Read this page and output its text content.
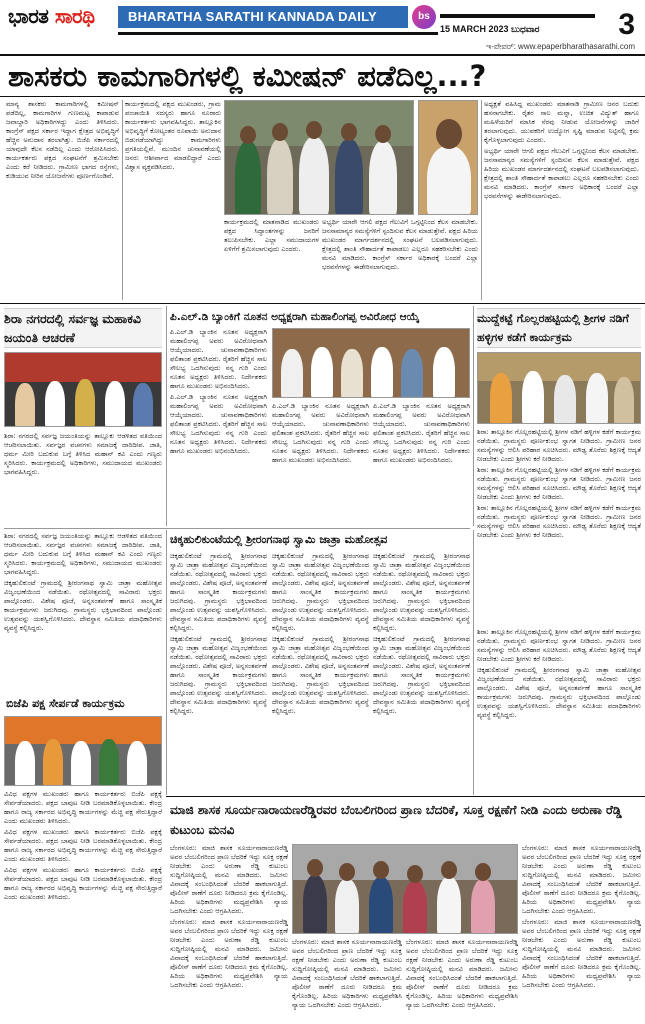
ಭಾರತ ಸಾರಥಿ	BHARATHA SARATHI KANNADA DAILY	bs
15 MARCH 2023 ಬುಧವಾರ	3
ಇ-ಪೇಪರ್: www.epaperbharathasarathi.com
ಶಾಸಕರು ಕಾಮಗಾರಿಗಳಲ್ಲಿ ಕಮೀಷನ್ ಪಡೆದಿಲ್ಲ...?

ಮಾನ್ಯ ಶಾಸಕರು ಕಾಮಗಾರಿಗಳಲ್ಲಿ ಕಮೀಷನ್ ಪಡೆದಿಲ್ಲ, ಕಾಮಗಾರಿಗಳ ಗುಣಮಟ್ಟ ಕಾಪಾಡುವ ಜವಾಬ್ದಾರಿ ಅಧಿಕಾರಿಗಳದ್ದು ಎಂದು ತಿಳಿಸಿದರು. ಕಾಂಗ್ರೆಸ್ ಪಕ್ಷದ ಸರ್ಕಾರ ಇದ್ದಾಗ ಕ್ಷೇತ್ರದ ಅಭಿವೃದ್ಧಿಗೆ ಹೆಚ್ಚಿನ ಅನುದಾನ ತರಲಾಗಿತ್ತು. ಬಿಜೆಪಿ ಸರ್ಕಾರದಲ್ಲಿ ಯಾವುದೇ ಕೆಲಸ ನಡೆದಿಲ್ಲ ಎಂದು ಆರೋಪಿಸಿದರು. ಕಾರ್ಯಕರ್ತರು ಪಕ್ಷದ ಸಂಘಟನೆಗೆ ಶ್ರಮಿಸಬೇಕು ಎಂದು ಕರೆ ನೀಡಿದರು. ಗ್ರಾಮೀಣ ಭಾಗದ ರಸ್ತೆಗಳು, ಕುಡಿಯುವ ನೀರಿನ ಯೋಜನೆಗಳು ಪೂರ್ಣಗೊಂಡಿವೆ.

ಕಾರ್ಯಕ್ರಮದಲ್ಲಿ ಪಕ್ಷದ ಮುಖಂಡರು, ಗ್ರಾಮ ಪಂಚಾಯಿತಿ ಸದಸ್ಯರು ಹಾಗೂ ನೂರಾರು ಕಾರ್ಯಕರ್ತರು ಭಾಗವಹಿಸಿದ್ದರು. ತಾಲ್ಲೂಕಿನ ಅಭಿವೃದ್ಧಿಗೆ ಕೋಟ್ಯಂತರ ರೂಪಾಯಿ ಅನುದಾನ ಬಿಡುಗಡೆಯಾಗಿದ್ದು ಕಾಮಗಾರಿಗಳು ಪ್ರಗತಿಯಲ್ಲಿವೆ. ಮುಂದಿನ ಚುನಾವಣೆಯಲ್ಲಿ ಜನರು ಆಶೀರ್ವಾದ ಮಾಡಲಿದ್ದಾರೆ ಎಂದು ವಿಶ್ವಾಸ ವ್ಯಕ್ತಪಡಿಸಿದರು.

ಕಾರ್ಯಕ್ರಮದಲ್ಲಿ ಮಾತನಾಡಿದ ಮುಖಂಡರು ಪಕ್ಷದ ಸಿದ್ಧಾಂತಗಳನ್ನು ಜನರಿಗೆ ತಲುಪಿಸಬೇಕು. ಎಲ್ಲಾ ಸಮುದಾಯಗಳ ಏಳಿಗೆಗೆ ಶ್ರಮಿಸಲಾಗುವುದು ಎಂದರು.

ಅಭ್ಯರ್ಥಿ ಯಾರೇ ಆಗಲಿ ಪಕ್ಷದ ಗೆಲುವಿಗೆ ಒಗ್ಗಟ್ಟಿನಿಂದ ಕೆಲಸ ಮಾಡಬೇಕು. ಜನಸಾಮಾನ್ಯರ ಸಮಸ್ಯೆಗಳಿಗೆ ಸ್ಪಂದಿಸುವ ಕೆಲಸ ಮಾಡುತ್ತೇವೆ. ಪಕ್ಷದ ಹಿರಿಯ ಮುಖಂಡರ ಮಾರ್ಗದರ್ಶನದಲ್ಲಿ ಸಂಘಟನೆ ಬಲಪಡಿಸಲಾಗುವುದು. ಕ್ಷೇತ್ರದಲ್ಲಿ ಶಾಂತಿ ಸೌಹಾರ್ದತೆ ಕಾಪಾಡಲು ಎಲ್ಲರೂ ಸಹಕರಿಸಬೇಕು ಎಂದು ಮನವಿ ಮಾಡಿದರು. ಕಾಂಗ್ರೆಸ್ ಸರ್ಕಾರ ಅಧಿಕಾರಕ್ಕೆ ಬಂದರೆ ಎಲ್ಲಾ ಭರವಸೆಗಳನ್ನು ಈಡೇರಿಸಲಾಗುವುದು.

ಅಧ್ಯಕ್ಷತೆ ವಹಿಸಿದ್ದ ಮುಖಂಡರು ಮಾತನಾಡಿ ಗ್ರಾಮೀಣ ಜನರ ಬದುಕು ಹಸನಾಗಬೇಕು. ರೈತರ ಸಾಲ ಮನ್ನಾ, ಉಚಿತ ವಿದ್ಯುತ್ ಹಾಗೂ ಮಹಿಳೆಯರಿಗೆ ಮಾಸಿಕ ನೆರವು ನೀಡುವ ಯೋಜನೆಗಳನ್ನು ಜಾರಿಗೆ ತರಲಾಗುವುದು. ಯುವಕರಿಗೆ ಉದ್ಯೋಗ ಸೃಷ್ಟಿ ಮಾಡುವ ನಿಟ್ಟಿನಲ್ಲಿ ಕ್ರಮ ಕೈಗೊಳ್ಳಲಾಗುವುದು ಎಂದರು.

ಅಭ್ಯರ್ಥಿ ಯಾರೇ ಆಗಲಿ ಪಕ್ಷದ ಗೆಲುವಿಗೆ ಒಗ್ಗಟ್ಟಿನಿಂದ ಕೆಲಸ ಮಾಡಬೇಕು. ಜನಸಾಮಾನ್ಯರ ಸಮಸ್ಯೆಗಳಿಗೆ ಸ್ಪಂದಿಸುವ ಕೆಲಸ ಮಾಡುತ್ತೇವೆ. ಪಕ್ಷದ ಹಿರಿಯ ಮುಖಂಡರ ಮಾರ್ಗದರ್ಶನದಲ್ಲಿ ಸಂಘಟನೆ ಬಲಪಡಿಸಲಾಗುವುದು. ಕ್ಷೇತ್ರದಲ್ಲಿ ಶಾಂತಿ ಸೌಹಾರ್ದತೆ ಕಾಪಾಡಲು ಎಲ್ಲರೂ ಸಹಕರಿಸಬೇಕು ಎಂದು ಮನವಿ ಮಾಡಿದರು. ಕಾಂಗ್ರೆಸ್ ಸರ್ಕಾರ ಅಧಿಕಾರಕ್ಕೆ ಬಂದರೆ ಎಲ್ಲಾ ಭರವಸೆಗಳನ್ನು ಈಡೇರಿಸಲಾಗುವುದು.

ಶಿರಾ ನಗರದಲ್ಲಿ ಸರ್ವಜ್ಞ ಮಹಾಕವಿ ಜಯಂತಿ ಆಚರಣೆ

ಶಿರಾ: ನಗರದಲ್ಲಿ ಸರ್ವಜ್ಞ ಜಯಂತಿಯನ್ನು ತಾಲ್ಲೂಕು ಆಡಳಿತದ ವತಿಯಿಂದ ಆಚರಿಸಲಾಯಿತು. ಸರ್ವಜ್ಞರ ವಚನಗಳು ಸಮಾಜಕ್ಕೆ ದಾರಿದೀಪ. ಜಾತಿ, ಧರ್ಮ ಮೀರಿ ಬದುಕುವ ಬಗ್ಗೆ ತಿಳಿಸಿದ ಮಹಾನ್ ಕವಿ ಎಂದು ಗಣ್ಯರು ಸ್ಮರಿಸಿದರು. ಕಾರ್ಯಕ್ರಮದಲ್ಲಿ ಅಧಿಕಾರಿಗಳು, ಸಮುದಾಯದ ಮುಖಂಡರು ಭಾಗವಹಿಸಿದ್ದರು.

ಪಿ.ಎಲ್.ಡಿ ಬ್ಯಾಂಕಿಗೆ ನೂತನ ಅಧ್ಯಕ್ಷರಾಗಿ ಮಹಾಲಿಂಗಪ್ಪ ಅವಿರೋಧ ಆಯ್ಕೆ

ಪಿ.ಎಲ್.ಡಿ ಬ್ಯಾಂಕಿನ ನೂತನ ಅಧ್ಯಕ್ಷರಾಗಿ ಮಹಾಲಿಂಗಪ್ಪ ಅವರು ಅವಿರೋಧವಾಗಿ ಆಯ್ಕೆಯಾದರು. ಚುನಾವಣಾಧಿಕಾರಿಗಳು ಫಲಿತಾಂಶ ಪ್ರಕಟಿಸಿದರು. ರೈತರಿಗೆ ಹೆಚ್ಚಿನ ಸಾಲ ಸೌಲಭ್ಯ ಒದಗಿಸುವುದು ನನ್ನ ಗುರಿ ಎಂದು ನೂತನ ಅಧ್ಯಕ್ಷರು ತಿಳಿಸಿದರು. ನಿರ್ದೇಶಕರು ಹಾಗೂ ಮುಖಂಡರು ಅಭಿನಂದಿಸಿದರು.

ಪಿ.ಎಲ್.ಡಿ ಬ್ಯಾಂಕಿನ ನೂತನ ಅಧ್ಯಕ್ಷರಾಗಿ ಮಹಾಲಿಂಗಪ್ಪ ಅವರು ಅವಿರೋಧವಾಗಿ ಆಯ್ಕೆಯಾದರು. ಚುನಾವಣಾಧಿಕಾರಿಗಳು ಫಲಿತಾಂಶ ಪ್ರಕಟಿಸಿದರು. ರೈತರಿಗೆ ಹೆಚ್ಚಿನ ಸಾಲ ಸೌಲಭ್ಯ ಒದಗಿಸುವುದು ನನ್ನ ಗುರಿ ಎಂದು ನೂತನ ಅಧ್ಯಕ್ಷರು ತಿಳಿಸಿದರು. ನಿರ್ದೇಶಕರು ಹಾಗೂ ಮುಖಂಡರು ಅಭಿನಂದಿಸಿದರು.

ಪಿ.ಎಲ್.ಡಿ ಬ್ಯಾಂಕಿನ ನೂತನ ಅಧ್ಯಕ್ಷರಾಗಿ ಮಹಾಲಿಂಗಪ್ಪ ಅವರು ಅವಿರೋಧವಾಗಿ ಆಯ್ಕೆಯಾದರು. ಚುನಾವಣಾಧಿಕಾರಿಗಳು ಫಲಿತಾಂಶ ಪ್ರಕಟಿಸಿದರು. ರೈತರಿಗೆ ಹೆಚ್ಚಿನ ಸಾಲ ಸೌಲಭ್ಯ ಒದಗಿಸುವುದು ನನ್ನ ಗುರಿ ಎಂದು ನೂತನ ಅಧ್ಯಕ್ಷರು ತಿಳಿಸಿದರು. ನಿರ್ದೇಶಕರು ಹಾಗೂ ಮುಖಂಡರು ಅಭಿನಂದಿಸಿದರು.

ಪಿ.ಎಲ್.ಡಿ ಬ್ಯಾಂಕಿನ ನೂತನ ಅಧ್ಯಕ್ಷರಾಗಿ ಮಹಾಲಿಂಗಪ್ಪ ಅವರು ಅವಿರೋಧವಾಗಿ ಆಯ್ಕೆಯಾದರು. ಚುನಾವಣಾಧಿಕಾರಿಗಳು ಫಲಿತಾಂಶ ಪ್ರಕಟಿಸಿದರು. ರೈತರಿಗೆ ಹೆಚ್ಚಿನ ಸಾಲ ಸೌಲಭ್ಯ ಒದಗಿಸುವುದು ನನ್ನ ಗುರಿ ಎಂದು ನೂತನ ಅಧ್ಯಕ್ಷರು ತಿಳಿಸಿದರು. ನಿರ್ದೇಶಕರು ಹಾಗೂ ಮುಖಂಡರು ಅಭಿನಂದಿಸಿದರು.

ಮುದ್ದೆಕಟ್ಟೆ ಗೊಲ್ಲರಹಟ್ಟಿಯಲ್ಲಿ ಶ್ರೀಗಳ ನಡಿಗೆ ಹಳ್ಳಿಗಳ ಕಡೆಗೆ ಕಾರ್ಯಕ್ರಮ

ಶಿರಾ: ತಾಲ್ಲೂಕಿನ ಗೊಲ್ಲರಹಟ್ಟಿಯಲ್ಲಿ ಶ್ರೀಗಳ ನಡಿಗೆ ಹಳ್ಳಿಗಳ ಕಡೆಗೆ ಕಾರ್ಯಕ್ರಮ ನಡೆಯಿತು. ಗ್ರಾಮಸ್ಥರು ಪೂರ್ಣಕುಂಭ ಸ್ವಾಗತ ನೀಡಿದರು. ಗ್ರಾಮೀಣ ಜನರ ಸಮಸ್ಯೆಗಳನ್ನು ಆಲಿಸಿ ಪರಿಹಾರ ಸೂಚಿಸಿದರು. ಮೌಢ್ಯ ತೊರೆದು ಶಿಕ್ಷಣಕ್ಕೆ ಆದ್ಯತೆ ನೀಡಬೇಕು ಎಂದು ಶ್ರೀಗಳು ಕರೆ ನೀಡಿದರು.

ಶಿರಾ: ತಾಲ್ಲೂಕಿನ ಗೊಲ್ಲರಹಟ್ಟಿಯಲ್ಲಿ ಶ್ರೀಗಳ ನಡಿಗೆ ಹಳ್ಳಿಗಳ ಕಡೆಗೆ ಕಾರ್ಯಕ್ರಮ ನಡೆಯಿತು. ಗ್ರಾಮಸ್ಥರು ಪೂರ್ಣಕುಂಭ ಸ್ವಾಗತ ನೀಡಿದರು. ಗ್ರಾಮೀಣ ಜನರ ಸಮಸ್ಯೆಗಳನ್ನು ಆಲಿಸಿ ಪರಿಹಾರ ಸೂಚಿಸಿದರು. ಮೌಢ್ಯ ತೊರೆದು ಶಿಕ್ಷಣಕ್ಕೆ ಆದ್ಯತೆ ನೀಡಬೇಕು ಎಂದು ಶ್ರೀಗಳು ಕರೆ ನೀಡಿದರು.

ಶಿರಾ: ತಾಲ್ಲೂಕಿನ ಗೊಲ್ಲರಹಟ್ಟಿಯಲ್ಲಿ ಶ್ರೀಗಳ ನಡಿಗೆ ಹಳ್ಳಿಗಳ ಕಡೆಗೆ ಕಾರ್ಯಕ್ರಮ ನಡೆಯಿತು. ಗ್ರಾಮಸ್ಥರು ಪೂರ್ಣಕುಂಭ ಸ್ವಾಗತ ನೀಡಿದರು. ಗ್ರಾಮೀಣ ಜನರ ಸಮಸ್ಯೆಗಳನ್ನು ಆಲಿಸಿ ಪರಿಹಾರ ಸೂಚಿಸಿದರು. ಮೌಢ್ಯ ತೊರೆದು ಶಿಕ್ಷಣಕ್ಕೆ ಆದ್ಯತೆ ನೀಡಬೇಕು ಎಂದು ಶ್ರೀಗಳು ಕರೆ ನೀಡಿದರು.

ಚಿಕ್ಕಹುಲಿಕುಂಟೆಯಲ್ಲಿ ಶ್ರೀರಂಗನಾಥ ಸ್ವಾಮಿ ಜಾತ್ರಾ ಮಹೋತ್ಸವ

ಚಿಕ್ಕಹುಲಿಕುಂಟೆ ಗ್ರಾಮದಲ್ಲಿ ಶ್ರೀರಂಗನಾಥ ಸ್ವಾಮಿ ಜಾತ್ರಾ ಮಹೋತ್ಸವ ವಿಜೃಂಭಣೆಯಿಂದ ನಡೆಯಿತು. ರಥೋತ್ಸವದಲ್ಲಿ ಸಾವಿರಾರು ಭಕ್ತರು ಪಾಲ್ಗೊಂಡರು. ವಿಶೇಷ ಪೂಜೆ, ಅನ್ನಸಂತರ್ಪಣೆ ಹಾಗೂ ಸಾಂಸ್ಕೃತಿಕ ಕಾರ್ಯಕ್ರಮಗಳು ಜರುಗಿದವು. ಗ್ರಾಮಸ್ಥರು ಭಕ್ತಿಭಾವದಿಂದ ಪಾಲ್ಗೊಂಡು ಉತ್ಸವವನ್ನು ಯಶಸ್ವಿಗೊಳಿಸಿದರು. ದೇವಸ್ಥಾನ ಸಮಿತಿಯ ಪದಾಧಿಕಾರಿಗಳು ವ್ಯವಸ್ಥೆ ಕಲ್ಪಿಸಿದ್ದರು.

ಚಿಕ್ಕಹುಲಿಕುಂಟೆ ಗ್ರಾಮದಲ್ಲಿ ಶ್ರೀರಂಗನಾಥ ಸ್ವಾಮಿ ಜಾತ್ರಾ ಮಹೋತ್ಸವ ವಿಜೃಂಭಣೆಯಿಂದ ನಡೆಯಿತು. ರಥೋತ್ಸವದಲ್ಲಿ ಸಾವಿರಾರು ಭಕ್ತರು ಪಾಲ್ಗೊಂಡರು. ವಿಶೇಷ ಪೂಜೆ, ಅನ್ನಸಂತರ್ಪಣೆ ಹಾಗೂ ಸಾಂಸ್ಕೃತಿಕ ಕಾರ್ಯಕ್ರಮಗಳು ಜರುಗಿದವು. ಗ್ರಾಮಸ್ಥರು ಭಕ್ತಿಭಾವದಿಂದ ಪಾಲ್ಗೊಂಡು ಉತ್ಸವವನ್ನು ಯಶಸ್ವಿಗೊಳಿಸಿದರು. ದೇವಸ್ಥಾನ ಸಮಿತಿಯ ಪದಾಧಿಕಾರಿಗಳು ವ್ಯವಸ್ಥೆ ಕಲ್ಪಿಸಿದ್ದರು.

ಚಿಕ್ಕಹುಲಿಕುಂಟೆ ಗ್ರಾಮದಲ್ಲಿ ಶ್ರೀರಂಗನಾಥ ಸ್ವಾಮಿ ಜಾತ್ರಾ ಮಹೋತ್ಸವ ವಿಜೃಂಭಣೆಯಿಂದ ನಡೆಯಿತು. ರಥೋತ್ಸವದಲ್ಲಿ ಸಾವಿರಾರು ಭಕ್ತರು ಪಾಲ್ಗೊಂಡರು. ವಿಶೇಷ ಪೂಜೆ, ಅನ್ನಸಂತರ್ಪಣೆ ಹಾಗೂ ಸಾಂಸ್ಕೃತಿಕ ಕಾರ್ಯಕ್ರಮಗಳು ಜರುಗಿದವು. ಗ್ರಾಮಸ್ಥರು ಭಕ್ತಿಭಾವದಿಂದ ಪಾಲ್ಗೊಂಡು ಉತ್ಸವವನ್ನು ಯಶಸ್ವಿಗೊಳಿಸಿದರು. ದೇವಸ್ಥಾನ ಸಮಿತಿಯ ಪದಾಧಿಕಾರಿಗಳು ವ್ಯವಸ್ಥೆ ಕಲ್ಪಿಸಿದ್ದರು.

ಚಿಕ್ಕಹುಲಿಕುಂಟೆ ಗ್ರಾಮದಲ್ಲಿ ಶ್ರೀರಂಗನಾಥ ಸ್ವಾಮಿ ಜಾತ್ರಾ ಮಹೋತ್ಸವ ವಿಜೃಂಭಣೆಯಿಂದ ನಡೆಯಿತು. ರಥೋತ್ಸವದಲ್ಲಿ ಸಾವಿರಾರು ಭಕ್ತರು ಪಾಲ್ಗೊಂಡರು. ವಿಶೇಷ ಪೂಜೆ, ಅನ್ನಸಂತರ್ಪಣೆ ಹಾಗೂ ಸಾಂಸ್ಕೃತಿಕ ಕಾರ್ಯಕ್ರಮಗಳು ಜರುಗಿದವು. ಗ್ರಾಮಸ್ಥರು ಭಕ್ತಿಭಾವದಿಂದ ಪಾಲ್ಗೊಂಡು ಉತ್ಸವವನ್ನು ಯಶಸ್ವಿಗೊಳಿಸಿದರು. ದೇವಸ್ಥಾನ ಸಮಿತಿಯ ಪದಾಧಿಕಾರಿಗಳು ವ್ಯವಸ್ಥೆ ಕಲ್ಪಿಸಿದ್ದರು.

ಚಿಕ್ಕಹುಲಿಕುಂಟೆ ಗ್ರಾಮದಲ್ಲಿ ಶ್ರೀರಂಗನಾಥ ಸ್ವಾಮಿ ಜಾತ್ರಾ ಮಹೋತ್ಸವ ವಿಜೃಂಭಣೆಯಿಂದ ನಡೆಯಿತು. ರಥೋತ್ಸವದಲ್ಲಿ ಸಾವಿರಾರು ಭಕ್ತರು ಪಾಲ್ಗೊಂಡರು. ವಿಶೇಷ ಪೂಜೆ, ಅನ್ನಸಂತರ್ಪಣೆ ಹಾಗೂ ಸಾಂಸ್ಕೃತಿಕ ಕಾರ್ಯಕ್ರಮಗಳು ಜರುಗಿದವು. ಗ್ರಾಮಸ್ಥರು ಭಕ್ತಿಭಾವದಿಂದ ಪಾಲ್ಗೊಂಡು ಉತ್ಸವವನ್ನು ಯಶಸ್ವಿಗೊಳಿಸಿದರು. ದೇವಸ್ಥಾನ ಸಮಿತಿಯ ಪದಾಧಿಕಾರಿಗಳು ವ್ಯವಸ್ಥೆ ಕಲ್ಪಿಸಿದ್ದರು.

ಚಿಕ್ಕಹುಲಿಕುಂಟೆ ಗ್ರಾಮದಲ್ಲಿ ಶ್ರೀರಂಗನಾಥ ಸ್ವಾಮಿ ಜಾತ್ರಾ ಮಹೋತ್ಸವ ವಿಜೃಂಭಣೆಯಿಂದ ನಡೆಯಿತು. ರಥೋತ್ಸವದಲ್ಲಿ ಸಾವಿರಾರು ಭಕ್ತರು ಪಾಲ್ಗೊಂಡರು. ವಿಶೇಷ ಪೂಜೆ, ಅನ್ನಸಂತರ್ಪಣೆ ಹಾಗೂ ಸಾಂಸ್ಕೃತಿಕ ಕಾರ್ಯಕ್ರಮಗಳು ಜರುಗಿದವು. ಗ್ರಾಮಸ್ಥರು ಭಕ್ತಿಭಾವದಿಂದ ಪಾಲ್ಗೊಂಡು ಉತ್ಸವವನ್ನು ಯಶಸ್ವಿಗೊಳಿಸಿದರು. ದೇವಸ್ಥಾನ ಸಮಿತಿಯ ಪದಾಧಿಕಾರಿಗಳು ವ್ಯವಸ್ಥೆ ಕಲ್ಪಿಸಿದ್ದರು.

ಶಿರಾ: ನಗರದಲ್ಲಿ ಸರ್ವಜ್ಞ ಜಯಂತಿಯನ್ನು ತಾಲ್ಲೂಕು ಆಡಳಿತದ ವತಿಯಿಂದ ಆಚರಿಸಲಾಯಿತು. ಸರ್ವಜ್ಞರ ವಚನಗಳು ಸಮಾಜಕ್ಕೆ ದಾರಿದೀಪ. ಜಾತಿ, ಧರ್ಮ ಮೀರಿ ಬದುಕುವ ಬಗ್ಗೆ ತಿಳಿಸಿದ ಮಹಾನ್ ಕವಿ ಎಂದು ಗಣ್ಯರು ಸ್ಮರಿಸಿದರು. ಕಾರ್ಯಕ್ರಮದಲ್ಲಿ ಅಧಿಕಾರಿಗಳು, ಸಮುದಾಯದ ಮುಖಂಡರು ಭಾಗವಹಿಸಿದ್ದರು.

ಚಿಕ್ಕಹುಲಿಕುಂಟೆ ಗ್ರಾಮದಲ್ಲಿ ಶ್ರೀರಂಗನಾಥ ಸ್ವಾಮಿ ಜಾತ್ರಾ ಮಹೋತ್ಸವ ವಿಜೃಂಭಣೆಯಿಂದ ನಡೆಯಿತು. ರಥೋತ್ಸವದಲ್ಲಿ ಸಾವಿರಾರು ಭಕ್ತರು ಪಾಲ್ಗೊಂಡರು. ವಿಶೇಷ ಪೂಜೆ, ಅನ್ನಸಂತರ್ಪಣೆ ಹಾಗೂ ಸಾಂಸ್ಕೃತಿಕ ಕಾರ್ಯಕ್ರಮಗಳು ಜರುಗಿದವು. ಗ್ರಾಮಸ್ಥರು ಭಕ್ತಿಭಾವದಿಂದ ಪಾಲ್ಗೊಂಡು ಉತ್ಸವವನ್ನು ಯಶಸ್ವಿಗೊಳಿಸಿದರು. ದೇವಸ್ಥಾನ ಸಮಿತಿಯ ಪದಾಧಿಕಾರಿಗಳು ವ್ಯವಸ್ಥೆ ಕಲ್ಪಿಸಿದ್ದರು.

ಬಿಜೆಪಿ ಪಕ್ಷ ಸೇರ್ಪಡೆ ಕಾರ್ಯಕ್ರಮ

ವಿವಿಧ ಪಕ್ಷಗಳ ಮುಖಂಡರು ಹಾಗೂ ಕಾರ್ಯಕರ್ತರು ಬಿಜೆಪಿ ಪಕ್ಷಕ್ಕೆ ಸೇರ್ಪಡೆಯಾದರು. ಪಕ್ಷದ ಬಾವುಟ ನೀಡಿ ಬರಮಾಡಿಕೊಳ್ಳಲಾಯಿತು. ಕೇಂದ್ರ ಹಾಗೂ ರಾಜ್ಯ ಸರ್ಕಾರದ ಅಭಿವೃದ್ಧಿ ಕಾರ್ಯಗಳನ್ನು ಮೆಚ್ಚಿ ಪಕ್ಷ ಸೇರುತ್ತಿದ್ದಾರೆ ಎಂದು ಮುಖಂಡರು ತಿಳಿಸಿದರು.

ವಿವಿಧ ಪಕ್ಷಗಳ ಮುಖಂಡರು ಹಾಗೂ ಕಾರ್ಯಕರ್ತರು ಬಿಜೆಪಿ ಪಕ್ಷಕ್ಕೆ ಸೇರ್ಪಡೆಯಾದರು. ಪಕ್ಷದ ಬಾವುಟ ನೀಡಿ ಬರಮಾಡಿಕೊಳ್ಳಲಾಯಿತು. ಕೇಂದ್ರ ಹಾಗೂ ರಾಜ್ಯ ಸರ್ಕಾರದ ಅಭಿವೃದ್ಧಿ ಕಾರ್ಯಗಳನ್ನು ಮೆಚ್ಚಿ ಪಕ್ಷ ಸೇರುತ್ತಿದ್ದಾರೆ ಎಂದು ಮುಖಂಡರು ತಿಳಿಸಿದರು.

ವಿವಿಧ ಪಕ್ಷಗಳ ಮುಖಂಡರು ಹಾಗೂ ಕಾರ್ಯಕರ್ತರು ಬಿಜೆಪಿ ಪಕ್ಷಕ್ಕೆ ಸೇರ್ಪಡೆಯಾದರು. ಪಕ್ಷದ ಬಾವುಟ ನೀಡಿ ಬರಮಾಡಿಕೊಳ್ಳಲಾಯಿತು. ಕೇಂದ್ರ ಹಾಗೂ ರಾಜ್ಯ ಸರ್ಕಾರದ ಅಭಿವೃದ್ಧಿ ಕಾರ್ಯಗಳನ್ನು ಮೆಚ್ಚಿ ಪಕ್ಷ ಸೇರುತ್ತಿದ್ದಾರೆ ಎಂದು ಮುಖಂಡರು ತಿಳಿಸಿದರು.

ಶಿರಾ: ತಾಲ್ಲೂಕಿನ ಗೊಲ್ಲರಹಟ್ಟಿಯಲ್ಲಿ ಶ್ರೀಗಳ ನಡಿಗೆ ಹಳ್ಳಿಗಳ ಕಡೆಗೆ ಕಾರ್ಯಕ್ರಮ ನಡೆಯಿತು. ಗ್ರಾಮಸ್ಥರು ಪೂರ್ಣಕುಂಭ ಸ್ವಾಗತ ನೀಡಿದರು. ಗ್ರಾಮೀಣ ಜನರ ಸಮಸ್ಯೆಗಳನ್ನು ಆಲಿಸಿ ಪರಿಹಾರ ಸೂಚಿಸಿದರು. ಮೌಢ್ಯ ತೊರೆದು ಶಿಕ್ಷಣಕ್ಕೆ ಆದ್ಯತೆ ನೀಡಬೇಕು ಎಂದು ಶ್ರೀಗಳು ಕರೆ ನೀಡಿದರು.

ಚಿಕ್ಕಹುಲಿಕುಂಟೆ ಗ್ರಾಮದಲ್ಲಿ ಶ್ರೀರಂಗನಾಥ ಸ್ವಾಮಿ ಜಾತ್ರಾ ಮಹೋತ್ಸವ ವಿಜೃಂಭಣೆಯಿಂದ ನಡೆಯಿತು. ರಥೋತ್ಸವದಲ್ಲಿ ಸಾವಿರಾರು ಭಕ್ತರು ಪಾಲ್ಗೊಂಡರು. ವಿಶೇಷ ಪೂಜೆ, ಅನ್ನಸಂತರ್ಪಣೆ ಹಾಗೂ ಸಾಂಸ್ಕೃತಿಕ ಕಾರ್ಯಕ್ರಮಗಳು ಜರುಗಿದವು. ಗ್ರಾಮಸ್ಥರು ಭಕ್ತಿಭಾವದಿಂದ ಪಾಲ್ಗೊಂಡು ಉತ್ಸವವನ್ನು ಯಶಸ್ವಿಗೊಳಿಸಿದರು. ದೇವಸ್ಥಾನ ಸಮಿತಿಯ ಪದಾಧಿಕಾರಿಗಳು ವ್ಯವಸ್ಥೆ ಕಲ್ಪಿಸಿದ್ದರು.

ಮಾಜಿ ಶಾಸಕ ಸೂರ್ಯನಾರಾಯಣರೆಡ್ಡಿರವರ ಬೆಂಬಲಿಗರಿಂದ ಪ್ರಾಣ ಬೆದರಿಕೆ, ಸೂಕ್ತ ರಕ್ಷಣೆಗೆ ನೀಡಿ ಎಂದು ಅರುಣಾ ರೆಡ್ಡಿ ಕುಟುಂಬ ಮನವಿ

ಬೆಂಗಳೂರು: ಮಾಜಿ ಶಾಸಕ ಸೂರ್ಯನಾರಾಯಣರೆಡ್ಡಿ ಅವರ ಬೆಂಬಲಿಗರಿಂದ ಪ್ರಾಣ ಬೆದರಿಕೆ ಇದ್ದು ಸೂಕ್ತ ರಕ್ಷಣೆ ನೀಡಬೇಕು ಎಂದು ಅರುಣಾ ರೆಡ್ಡಿ ಕುಟುಂಬ ಸುದ್ದಿಗೋಷ್ಠಿಯಲ್ಲಿ ಮನವಿ ಮಾಡಿದರು. ಜಮೀನು ವಿವಾದಕ್ಕೆ ಸಂಬಂಧಿಸಿದಂತೆ ಬೆದರಿಕೆ ಹಾಕಲಾಗುತ್ತಿದೆ. ಪೊಲೀಸ್ ಠಾಣೆಗೆ ದೂರು ನೀಡಿದರೂ ಕ್ರಮ ಕೈಗೊಂಡಿಲ್ಲ. ಹಿರಿಯ ಅಧಿಕಾರಿಗಳು ಮಧ್ಯಪ್ರವೇಶಿಸಿ ನ್ಯಾಯ ಒದಗಿಸಬೇಕು ಎಂದು ಆಗ್ರಹಿಸಿದರು.

ಬೆಂಗಳೂರು: ಮಾಜಿ ಶಾಸಕ ಸೂರ್ಯನಾರಾಯಣರೆಡ್ಡಿ ಅವರ ಬೆಂಬಲಿಗರಿಂದ ಪ್ರಾಣ ಬೆದರಿಕೆ ಇದ್ದು ಸೂಕ್ತ ರಕ್ಷಣೆ ನೀಡಬೇಕು ಎಂದು ಅರುಣಾ ರೆಡ್ಡಿ ಕುಟುಂಬ ಸುದ್ದಿಗೋಷ್ಠಿಯಲ್ಲಿ ಮನವಿ ಮಾಡಿದರು. ಜಮೀನು ವಿವಾದಕ್ಕೆ ಸಂಬಂಧಿಸಿದಂತೆ ಬೆದರಿಕೆ ಹಾಕಲಾಗುತ್ತಿದೆ. ಪೊಲೀಸ್ ಠಾಣೆಗೆ ದೂರು ನೀಡಿದರೂ ಕ್ರಮ ಕೈಗೊಂಡಿಲ್ಲ. ಹಿರಿಯ ಅಧಿಕಾರಿಗಳು ಮಧ್ಯಪ್ರವೇಶಿಸಿ ನ್ಯಾಯ ಒದಗಿಸಬೇಕು ಎಂದು ಆಗ್ರಹಿಸಿದರು.

ಬೆಂಗಳೂರು: ಮಾಜಿ ಶಾಸಕ ಸೂರ್ಯನಾರಾಯಣರೆಡ್ಡಿ ಅವರ ಬೆಂಬಲಿಗರಿಂದ ಪ್ರಾಣ ಬೆದರಿಕೆ ಇದ್ದು ಸೂಕ್ತ ರಕ್ಷಣೆ ನೀಡಬೇಕು ಎಂದು ಅರುಣಾ ರೆಡ್ಡಿ ಕುಟುಂಬ ಸುದ್ದಿಗೋಷ್ಠಿಯಲ್ಲಿ ಮನವಿ ಮಾಡಿದರು. ಜಮೀನು ವಿವಾದಕ್ಕೆ ಸಂಬಂಧಿಸಿದಂತೆ ಬೆದರಿಕೆ ಹಾಕಲಾಗುತ್ತಿದೆ. ಪೊಲೀಸ್ ಠಾಣೆಗೆ ದೂರು ನೀಡಿದರೂ ಕ್ರಮ ಕೈಗೊಂಡಿಲ್ಲ. ಹಿರಿಯ ಅಧಿಕಾರಿಗಳು ಮಧ್ಯಪ್ರವೇಶಿಸಿ ನ್ಯಾಯ ಒದಗಿಸಬೇಕು ಎಂದು ಆಗ್ರಹಿಸಿದರು.

ಬೆಂಗಳೂರು: ಮಾಜಿ ಶಾಸಕ ಸೂರ್ಯನಾರಾಯಣರೆಡ್ಡಿ ಅವರ ಬೆಂಬಲಿಗರಿಂದ ಪ್ರಾಣ ಬೆದರಿಕೆ ಇದ್ದು ಸೂಕ್ತ ರಕ್ಷಣೆ ನೀಡಬೇಕು ಎಂದು ಅರುಣಾ ರೆಡ್ಡಿ ಕುಟುಂಬ ಸುದ್ದಿಗೋಷ್ಠಿಯಲ್ಲಿ ಮನವಿ ಮಾಡಿದರು. ಜಮೀನು ವಿವಾದಕ್ಕೆ ಸಂಬಂಧಿಸಿದಂತೆ ಬೆದರಿಕೆ ಹಾಕಲಾಗುತ್ತಿದೆ. ಪೊಲೀಸ್ ಠಾಣೆಗೆ ದೂರು ನೀಡಿದರೂ ಕ್ರಮ ಕೈಗೊಂಡಿಲ್ಲ. ಹಿರಿಯ ಅಧಿಕಾರಿಗಳು ಮಧ್ಯಪ್ರವೇಶಿಸಿ ನ್ಯಾಯ ಒದಗಿಸಬೇಕು ಎಂದು ಆಗ್ರಹಿಸಿದರು.

ಬೆಂಗಳೂರು: ಮಾಜಿ ಶಾಸಕ ಸೂರ್ಯನಾರಾಯಣರೆಡ್ಡಿ ಅವರ ಬೆಂಬಲಿಗರಿಂದ ಪ್ರಾಣ ಬೆದರಿಕೆ ಇದ್ದು ಸೂಕ್ತ ರಕ್ಷಣೆ ನೀಡಬೇಕು ಎಂದು ಅರುಣಾ ರೆಡ್ಡಿ ಕುಟುಂಬ ಸುದ್ದಿಗೋಷ್ಠಿಯಲ್ಲಿ ಮನವಿ ಮಾಡಿದರು. ಜಮೀನು ವಿವಾದಕ್ಕೆ ಸಂಬಂಧಿಸಿದಂತೆ ಬೆದರಿಕೆ ಹಾಕಲಾಗುತ್ತಿದೆ. ಪೊಲೀಸ್ ಠಾಣೆಗೆ ದೂರು ನೀಡಿದರೂ ಕ್ರಮ ಕೈಗೊಂಡಿಲ್ಲ. ಹಿರಿಯ ಅಧಿಕಾರಿಗಳು ಮಧ್ಯಪ್ರವೇಶಿಸಿ ನ್ಯಾಯ ಒದಗಿಸಬೇಕು ಎಂದು ಆಗ್ರಹಿಸಿದರು.

ಬೆಂಗಳೂರು: ಮಾಜಿ ಶಾಸಕ ಸೂರ್ಯನಾರಾಯಣರೆಡ್ಡಿ ಅವರ ಬೆಂಬಲಿಗರಿಂದ ಪ್ರಾಣ ಬೆದರಿಕೆ ಇದ್ದು ಸೂಕ್ತ ರಕ್ಷಣೆ ನೀಡಬೇಕು ಎಂದು ಅರುಣಾ ರೆಡ್ಡಿ ಕುಟುಂಬ ಸುದ್ದಿಗೋಷ್ಠಿಯಲ್ಲಿ ಮನವಿ ಮಾಡಿದರು. ಜಮೀನು ವಿವಾದಕ್ಕೆ ಸಂಬಂಧಿಸಿದಂತೆ ಬೆದರಿಕೆ ಹಾಕಲಾಗುತ್ತಿದೆ. ಪೊಲೀಸ್ ಠಾಣೆಗೆ ದೂರು ನೀಡಿದರೂ ಕ್ರಮ ಕೈಗೊಂಡಿಲ್ಲ. ಹಿರಿಯ ಅಧಿಕಾರಿಗಳು ಮಧ್ಯಪ್ರವೇಶಿಸಿ ನ್ಯಾಯ ಒದಗಿಸಬೇಕು ಎಂದು ಆಗ್ರಹಿಸಿದರು.
